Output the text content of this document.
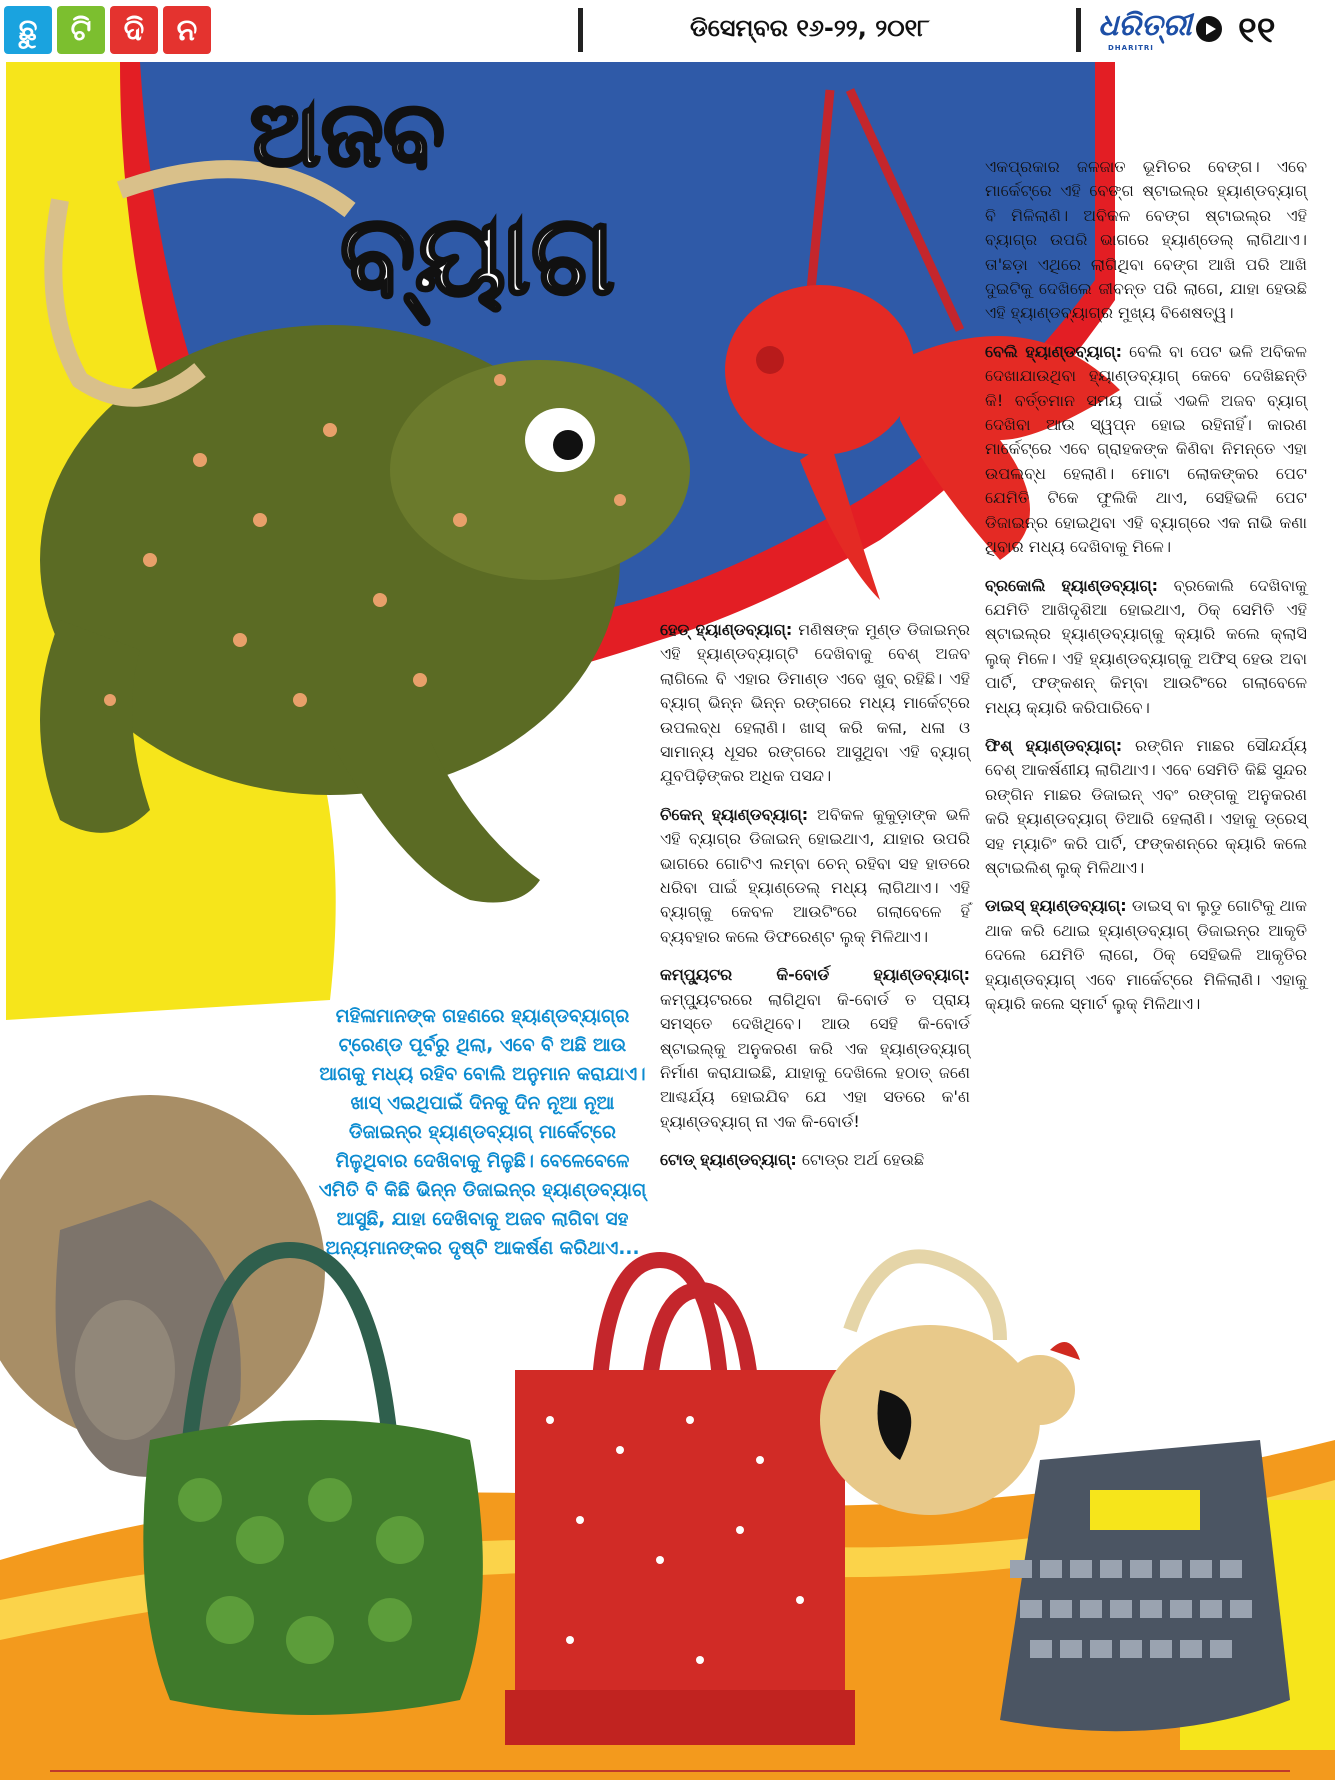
ଛୁ	ଟି	ଦି	ନ	ଡିସେମ୍ବର ୧୬-୨୨, ୨୦୧୮	ଧରିତ୍ରୀ
DHARITRI ୧୧
ଅଜବ
ବ୍ୟାଗ

ହେଡ୍ ହ୍ୟାଣ୍ଡବ୍ୟାଗ୍: ମଣିଷଙ୍କ ମୁଣ୍ଡ ଡିଜାଇନ୍‌ର ଏହି ହ୍ୟାଣ୍ଡବ୍ୟାଗ୍‌ଟି ଦେଖିବାକୁ ବେଶ୍ ଅଜବ ଲାଗିଲେ ବି ଏହାର ଡିମାଣ୍ଡ ଏବେ ଖୁବ୍ ରହିଛି। ଏହି ବ୍ୟାଗ୍ ଭିନ୍ନ ଭିନ୍ନ ରଙ୍ଗରେ ମଧ୍ୟ ମାର୍କେଟ୍‌ରେ ଉପଲବ୍ଧ ହେଲାଣି। ଖାସ୍ କରି କଳା, ଧଳା ଓ ସାମାନ୍ୟ ଧୂସର ରଙ୍ଗରେ ଆସୁଥିବା ଏହି ବ୍ୟାଗ୍ ଯୁବପିଢ଼ିଙ୍କର ଅଧିକ ପସନ୍ଦ।

ଚିକେନ୍ ହ୍ୟାଣ୍ଡବ୍ୟାଗ୍: ଅବିକଳ କୁକୁଡ଼ାଙ୍କ ଭଳି ଏହି ବ୍ୟାଗ୍‌ର ଡିଜାଇନ୍ ହୋଇଥାଏ, ଯାହାର ଉପରି ଭାଗରେ ଗୋଟିଏ ଲମ୍ବା ଚେନ୍ ରହିବା ସହ ହାତରେ ଧରିବା ପାଇଁ ହ୍ୟାଣ୍ଡେଲ୍ ମଧ୍ୟ ଲାଗିଥାଏ। ଏହି ବ୍ୟାଗ୍‌କୁ କେବଳ ଆଉଟିଂରେ ଗଲାବେଳେ ହିଁ ବ୍ୟବହାର କଲେ ଡିଫରେଣ୍ଟ ଲୁକ୍ ମିଳିଥାଏ।

କମ୍ପ୍ୟୁଟର କି-ବୋର୍ଡ ହ୍ୟାଣ୍ଡବ୍ୟାଗ୍: କମ୍ପ୍ୟୁଟରରେ ଲାଗିଥିବା କି-ବୋର୍ଡ ତ ପ୍ରାୟ ସମସ୍ତେ ଦେଖିଥିବେ। ଆଉ ସେହି କି-ବୋର୍ଡ ଷ୍ଟାଇଲ୍‌କୁ ଅନୁକରଣ କରି ଏକ ହ୍ୟାଣ୍ଡବ୍ୟାଗ୍ ନିର୍ମାଣ କରାଯାଇଛି, ଯାହାକୁ ଦେଖିଲେ ହଠାତ୍ ଜଣେ ଆଶ୍ଚର୍ଯ୍ୟ ହୋଇଯିବ ଯେ ଏହା ସତରେ କ'ଣ ହ୍ୟାଣ୍ଡବ୍ୟାଗ୍ ନା ଏକ କି-ବୋର୍ଡ!

ଟୋଡ୍ ହ୍ୟାଣ୍ଡବ୍ୟାଗ୍: ଟୋଡ୍‌ର ଅର୍ଥ ହେଉଛି

ଏକପ୍ରକାର ଜଳଜାତ ଭୂମିଚର ବେଙ୍ଗ। ଏବେ ମାର୍କେଟ୍‌ରେ ଏହି ବେଙ୍ଗ ଷ୍ଟାଇଲ୍‌ର ହ୍ୟାଣ୍ଡବ୍ୟାଗ୍ ବି ମିଳିଲାଣି। ଅବିକଳ ବେଙ୍ଗ ଷ୍ଟାଇଲ୍‌ର ଏହି ବ୍ୟାଗ୍‌ର ଉପରି ଭାଗରେ ହ୍ୟାଣ୍ଡେଲ୍ ଲାଗିଥାଏ। ତା'ଛଡ଼ା ଏଥିରେ ଲାଗିଥିବା ବେଙ୍ଗ ଆଖି ପରି ଆଖି ଦୁଇଟିକୁ ଦେଖିଲେ ଜୀବନ୍ତ ପରି ଲାଗେ, ଯାହା ହେଉଛି ଏହି ହ୍ୟାଣ୍ଡବ୍ୟାଗ୍‌ର ମୁଖ୍ୟ ବିଶେଷତ୍ୱ।

ବେଲି ହ୍ୟାଣ୍ଡବ୍ୟାଗ୍: ବେଲି ବା ପେଟ ଭଳି ଅବିକଳ ଦେଖାଯାଉଥିବା ହ୍ୟାଣ୍ଡବ୍ୟାଗ୍ କେବେ ଦେଖିଛନ୍ତି କି! ବର୍ତ୍ତମାନ ସମୟ ପାଇଁ ଏଭଳି ଅଜବ ବ୍ୟାଗ୍ ଦେଖିବା ଆଉ ସ୍ୱପ୍ନ ହୋଇ ରହିନାହିଁ। କାରଣ ମାର୍କେଟ୍‌ରେ ଏବେ ଗ୍ରାହକଙ୍କ କିଣିବା ନିମନ୍ତେ ଏହା ଉପଲବ୍ଧ ହେଲାଣି। ମୋଟା ଲୋକଙ୍କର ପେଟ ଯେମିତି ଟିକେ ଫୁଲିକି ଥାଏ, ସେହିଭଳି ପେଟ ଡିଜାଇନ୍‌ର ହୋଇଥିବା ଏହି ବ୍ୟାଗ୍‌ରେ ଏକ ନାଭି କଣା ଥିବାର ମଧ୍ୟ ଦେଖିବାକୁ ମିଳେ।

ବ୍ରକୋଲି ହ୍ୟାଣ୍ଡବ୍ୟାଗ୍: ବ୍ରକୋଲି ଦେଖିବାକୁ ଯେମିତି ଆଖିଦୃଶିଆ ହୋଇଥାଏ, ଠିକ୍ ସେମିତି ଏହି ଷ୍ଟାଇଲ୍‌ର ହ୍ୟାଣ୍ଡବ୍ୟାଗ୍‌କୁ କ୍ୟାରି କଲେ କ୍ଲାସି ଲୁକ୍ ମିଳେ। ଏହି ହ୍ୟାଣ୍ଡବ୍ୟାଗ୍‌କୁ ଅଫିସ୍ ହେଉ ଅବା ପାର୍ଟି, ଫଙ୍କଶନ୍ କିମ୍ବା ଆଉଟିଂରେ ଗଲାବେଳେ ମଧ୍ୟ କ୍ୟାରି କରିପାରିବେ।

ଫିଶ୍ ହ୍ୟାଣ୍ଡବ୍ୟାଗ୍: ରଙ୍ଗିନ ମାଛର ସୌନ୍ଦର୍ଯ୍ୟ ବେଶ୍ ଆକର୍ଷଣୀୟ ଲାଗିଥାଏ। ଏବେ ସେମିତି କିଛି ସୁନ୍ଦର ରଙ୍ଗିନ ମାଛର ଡିଜାଇନ୍ ଏବଂ ରଙ୍ଗକୁ ଅନୁକରଣ କରି ହ୍ୟାଣ୍ଡବ୍ୟାଗ୍ ତିଆରି ହେଲାଣି। ଏହାକୁ ଡ୍ରେସ୍ ସହ ମ୍ୟାଚିଂ କରି ପାର୍ଟି, ଫଙ୍କଶନ୍‌ରେ କ୍ୟାରି କଲେ ଷ୍ଟାଇଲିଶ୍ ଲୁକ୍ ମିଳିଥାଏ।

ଡାଇସ୍ ହ୍ୟାଣ୍ଡବ୍ୟାଗ୍: ଡାଇସ୍ ବା ଲୁଡୁ ଗୋଟିକୁ ଥାକ ଥାକ କରି ଥୋଇ ହ୍ୟାଣ୍ଡବ୍ୟାଗ୍ ଡିଜାଇନ୍‌ର ଆକୃତି ଦେଲେ ଯେମିତି ଲାଗେ, ଠିକ୍ ସେହିଭଳି ଆକୃତିର ହ୍ୟାଣ୍ଡବ୍ୟାଗ୍ ଏବେ ମାର୍କେଟ୍‌ରେ ମିଳିଲାଣି। ଏହାକୁ କ୍ୟାରି କଲେ ସ୍ମାର୍ଟ ଲୁକ୍ ମିଳିଥାଏ।

ମହିଳାମାନଙ୍କ ଗହଣରେ ହ୍ୟାଣ୍ଡବ୍ୟାଗ୍‌ର ଟ୍ରେଣ୍ଡ ପୂର୍ବରୁ ଥିଲା, ଏବେ ବି ଅଛି ଆଉ ଆଗକୁ ମଧ୍ୟ ରହିବ ବୋଲି ଅନୁମାନ କରାଯାଏ। ଖାସ୍ ଏଇଥିପାଇଁ ଦିନକୁ ଦିନ ନୂଆ ନୂଆ ଡିଜାଇନ୍‌ର ହ୍ୟାଣ୍ଡବ୍ୟାଗ୍ ମାର୍କେଟ୍‌ରେ ମିଳୁଥିବାର ଦେଖିବାକୁ ମିଳୁଛି। ବେଳେବେଳେ ଏମିତି ବି କିଛି ଭିନ୍ନ ଡିଜାଇନ୍‌ର ହ୍ୟାଣ୍ଡବ୍ୟାଗ୍ ଆସୁଛି, ଯାହା ଦେଖିବାକୁ ଅଜବ ଲାଗିବା ସହ ଅନ୍ୟମାନଙ୍କର ଦୃଷ୍ଟି ଆକର୍ଷଣ କରିଥାଏ...
